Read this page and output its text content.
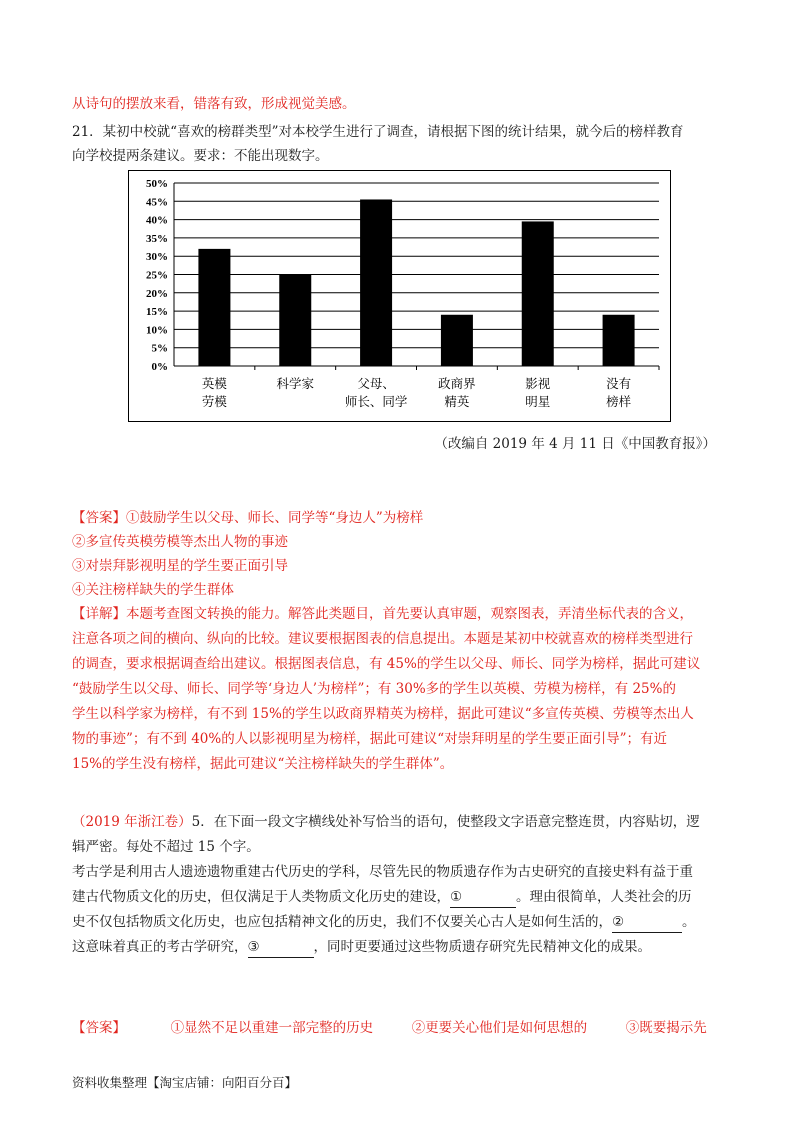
从诗句的摆放来看，错落有致，形成视觉美感。
21．某初中校就“喜欢的榜群类型”对本校学生进行了调查，请根据下图的统计结果，就今后的榜样教育
向学校提两条建议。要求：不能出现数字。
0%
5%
10%
15%
20%
25%
30%
35%
40%
45%
50%
英模
劳模
科学家	父母、
师长、同学
政商界
精英
影视
明星
没有
榜样
（改编自 2019 年 4 月 11 日《中国教育报》）
【答案】①鼓励学生以父母、师长、同学等“身边人”为榜样
②多宣传英模劳模等杰出人物的事迹
③对崇拜影视明星的学生要正面引导
④关注榜样缺失的学生群体
【详解】本题考查图文转换的能力。解答此类题目，首先要认真审题，观察图表，弄清坐标代表的含义，
注意各项之间的横向、纵向的比较。建议要根据图表的信息提出。本题是某初中校就喜欢的榜样类型进行
的调查，要求根据调查给出建议。根据图表信息，有 45%的学生以父母、师长、同学为榜样，据此可建议
“鼓励学生以父母、师长、同学等‘身边人’为榜样”；有 30%多的学生以英模、劳模为榜样，有 25%的
学生以科学家为榜样，有不到 15%的学生以政商界精英为榜样，据此可建议“多宣传英模、劳模等杰出人
物的事迹”；有不到 40%的人以影视明星为榜样，据此可建议“对崇拜明星的学生要正面引导”；有近
15%的学生没有榜样，据此可建议“关注榜样缺失的学生群体”。
（2019 年浙江卷）5．在下面一段文字横线处补写恰当的语句，使整段文字语意完整连贯，内容贴切，逻
辑严密。每处不超过 15 个字。
考古学是利用古人遗迹遗物重建古代历史的学科，尽管先民的物质遗存作为古史研究的直接史料有益于重
建古代物质文化的历史，但仅满足于人类物质文化历史的建设，①	。理由很简单，人类社会的历
史不仅包括物质文化历史，也应包括精神文化的历史，我们不仅要关心古人是如何生活的，②	。
这意味着真正的考古学研究，③	，同时更要通过这些物质遗存研究先民精神文化的成果。
【答案】	①显然不足以重建一部完整的历史	②更要关心他们是如何思想的	③既要揭示先
资料收集整理【淘宝店铺：向阳百分百】
